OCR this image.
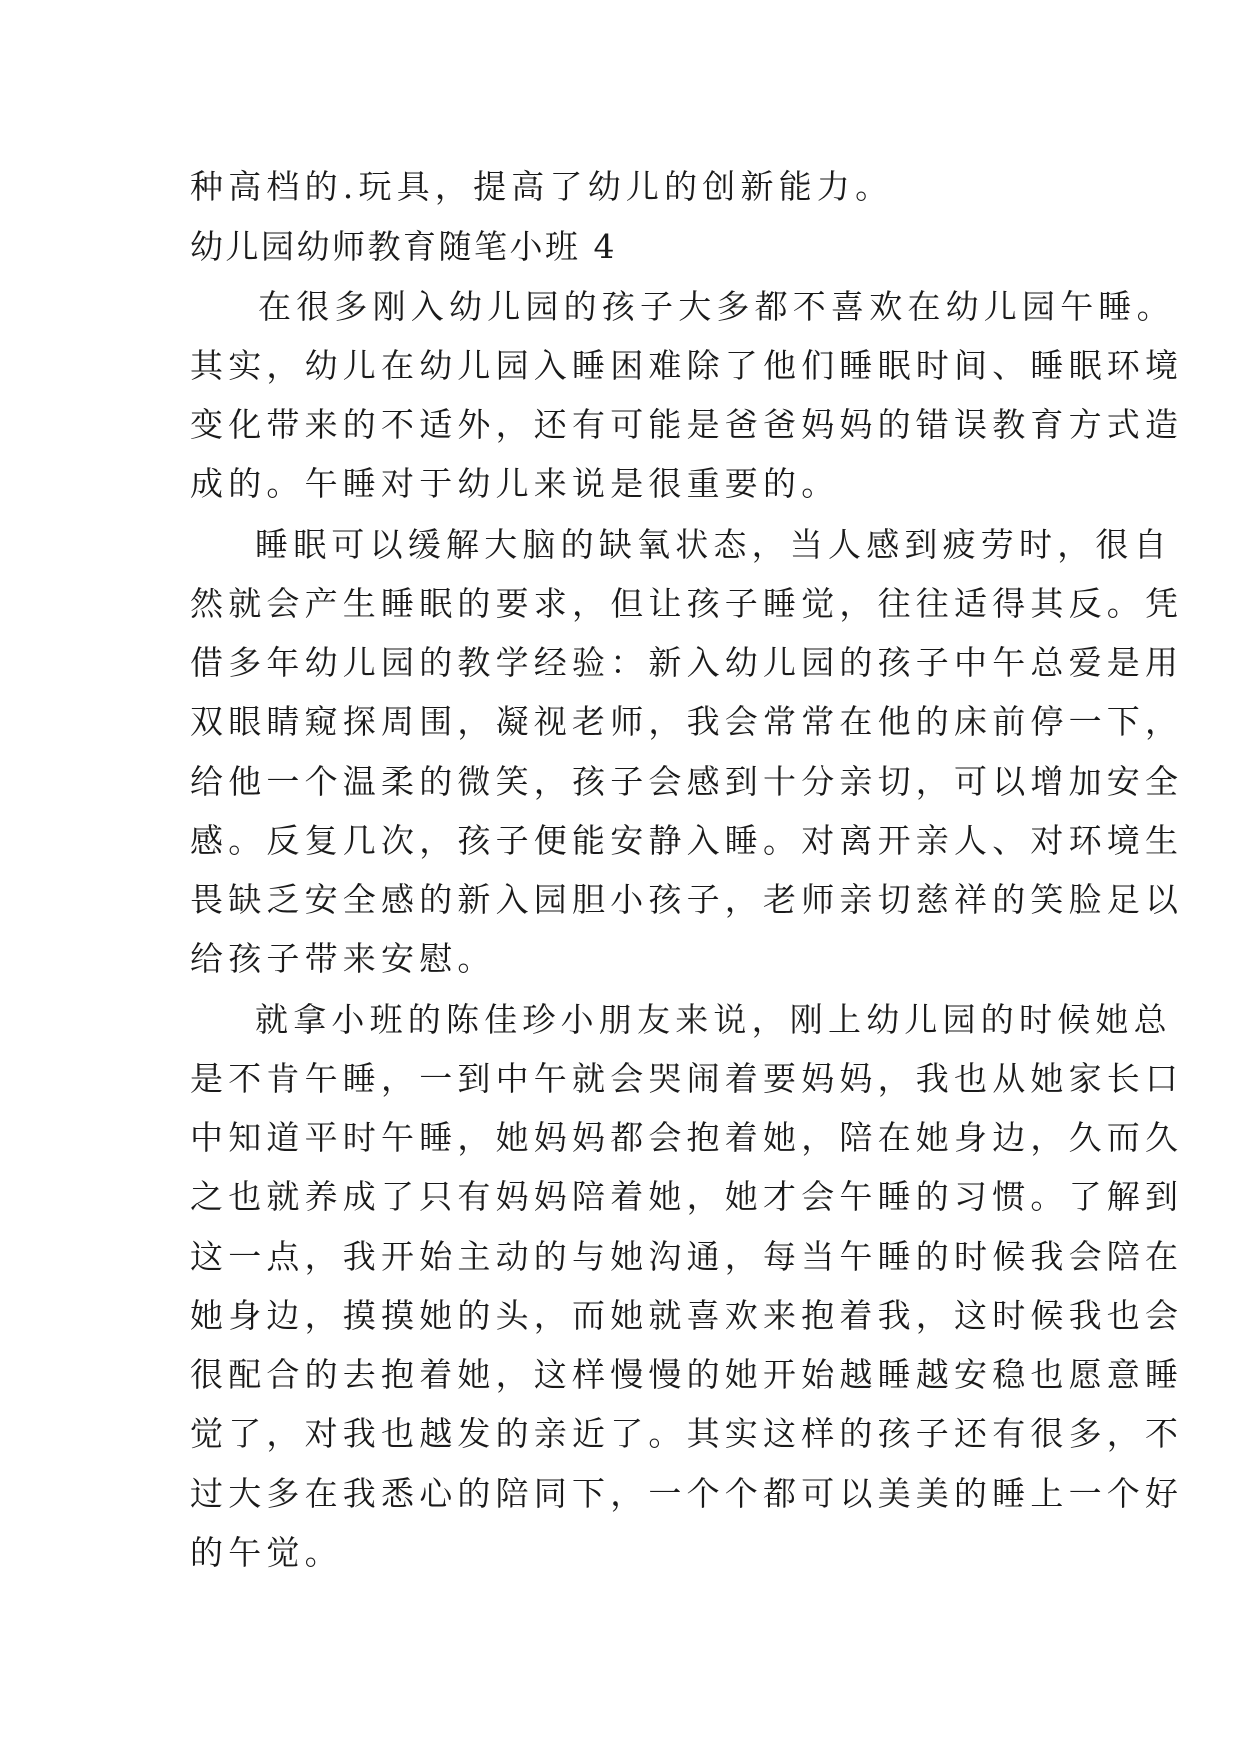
种高档的.玩具，提高了幼儿的创新能力。
幼儿园幼师教育随笔小班 4
在很多刚入幼儿园的孩子大多都不喜欢在幼儿园午睡。
其实，幼儿在幼儿园入睡困难除了他们睡眠时间、睡眠环境
变化带来的不适外，还有可能是爸爸妈妈的错误教育方式造
成的。午睡对于幼儿来说是很重要的。
睡眠可以缓解大脑的缺氧状态，当人感到疲劳时，很自
然就会产生睡眠的要求，但让孩子睡觉，往往适得其反。凭
借多年幼儿园的教学经验：新入幼儿园的孩子中午总爱是用
双眼睛窥探周围，凝视老师，我会常常在他的床前停一下，
给他一个温柔的微笑，孩子会感到十分亲切，可以增加安全
感。反复几次，孩子便能安静入睡。对离开亲人、对环境生
畏缺乏安全感的新入园胆小孩子，老师亲切慈祥的笑脸足以
给孩子带来安慰。
就拿小班的陈佳珍小朋友来说，刚上幼儿园的时候她总
是不肯午睡，一到中午就会哭闹着要妈妈，我也从她家长口
中知道平时午睡，她妈妈都会抱着她，陪在她身边，久而久
之也就养成了只有妈妈陪着她，她才会午睡的习惯。了解到
这一点，我开始主动的与她沟通，每当午睡的时候我会陪在
她身边，摸摸她的头，而她就喜欢来抱着我，这时候我也会
很配合的去抱着她，这样慢慢的她开始越睡越安稳也愿意睡
觉了，对我也越发的亲近了。其实这样的孩子还有很多，不
过大多在我悉心的陪同下，一个个都可以美美的睡上一个好
的午觉。
